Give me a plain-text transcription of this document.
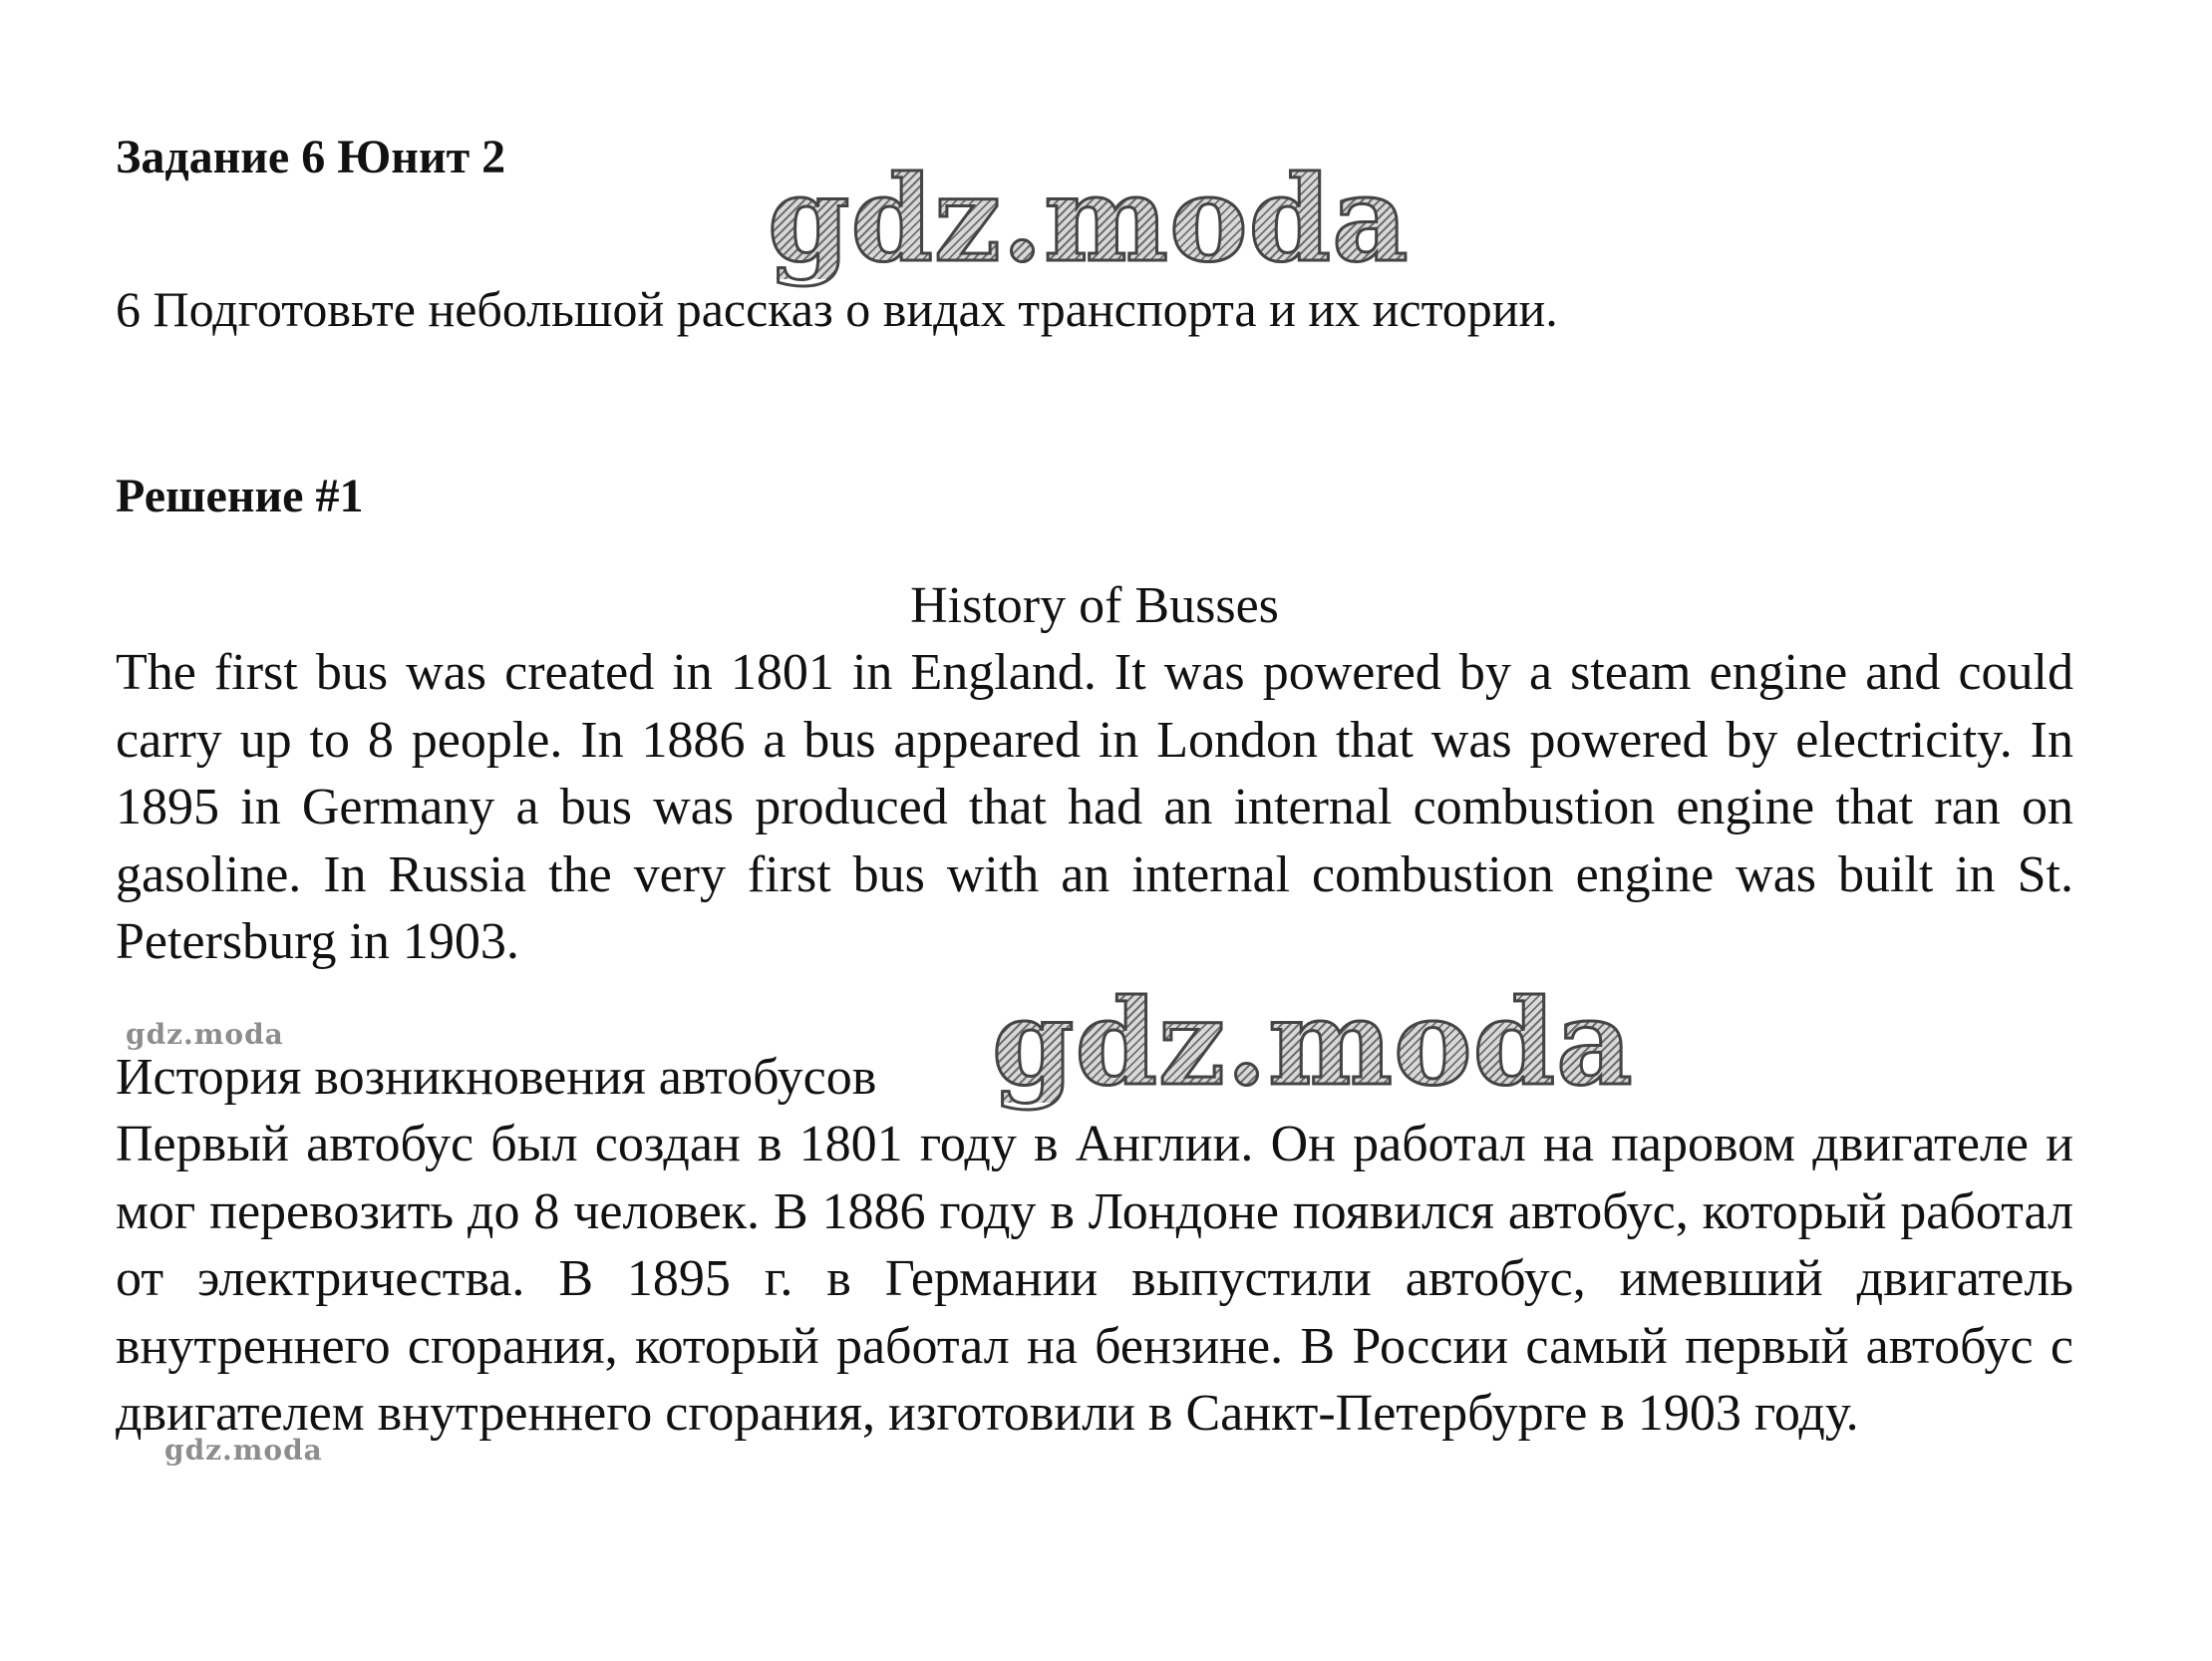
Задание 6 Юнит 2
6 Подготовьте небольшой рассказ о видах транспорта и их истории.
Решение #1
History of Busses
The first bus was created in 1801 in England. It was powered by a steam engine and could carry up to 8 people. In 1886 a bus appeared in London that was powered by electricity. In 1895 in Germany a bus was produced that had an internal combustion engine that ran on gasoline. In Russia the very first bus with an internal combustion engine was built in St. Petersburg in 1903.
История возникновения автобусов
Первый автобус был создан в 1801 году в Англии. Он работал на паровом двигателе и мог перевозить до 8 человек. В 1886 году в Лондоне появился автобус, который работал от электричества. В 1895 г. в Германии выпустили автобус, имевший двигатель внутреннего сгорания, который работал на бензине. В России самый первый автобус с двигателем внутреннего сгорания, изготовили в Санкт-Петербурге в 1903 году.
gdz.moda
gdz.moda
gdz.moda
gdz.moda
